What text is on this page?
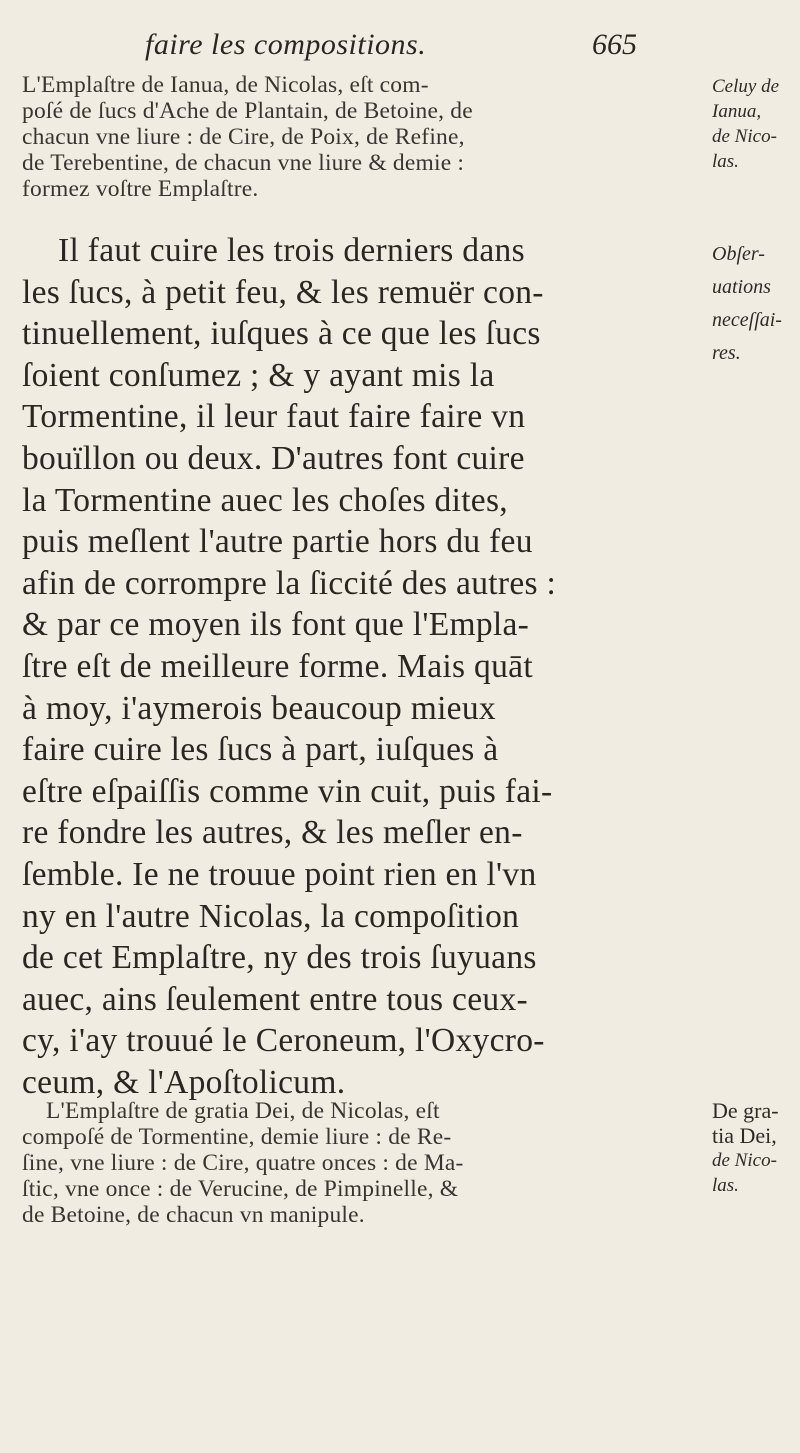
faire les compositions.	665
L'Emplaſtre de Ianua, de Nicolas, eſt com-
poſé de ſucs d'Ache de Plantain, de Betoine, de
chacun vne liure : de Cire, de Poix, de Refine,
de Terebentine, de chacun vne liure & demie :
formez voſtre Emplaſtre.
Il faut cuire les trois derniers dans
les ſucs, à petit feu, & les remuër con-
tinuellement, iuſques à ce que les ſucs
ſoient conſumez ; & y ayant mis la
Tormentine, il leur faut faire faire vn
bouïllon ou deux. D'autres font cuire
la Tormentine auec les choſes dites,
puis meſlent l'autre partie hors du feu
afin de corrompre la ſiccité des autres :
& par ce moyen ils font que l'Empla-
ſtre eſt de meilleure forme. Mais quāt
à moy, i'aymerois beaucoup mieux
faire cuire les ſucs à part, iuſques à
eſtre eſpaiſſis comme vin cuit, puis fai-
re fondre les autres, & les meſler en-
ſemble. Ie ne trouue point rien en l'vn
ny en l'autre Nicolas, la compoſition
de cet Emplaſtre, ny des trois ſuyuans
auec, ains ſeulement entre tous ceux-
cy, i'ay trouué le Ceroneum, l'Oxycro-
ceum, & l'Apoſtolicum.
L'Emplaſtre de gratia Dei, de Nicolas, eſt
compoſé de Tormentine, demie liure : de Re-
ſine, vne liure : de Cire, quatre onces : de Ma-
ſtic, vne once : de Verucine, de Pimpinelle, &
de Betoine, de chacun vn manipule.
Celuy de
Ianua,
de Nico-
las.
Obſer-
uations
neceſſai-
res.
De gra-
tia Dei,
de Nico-
las.
